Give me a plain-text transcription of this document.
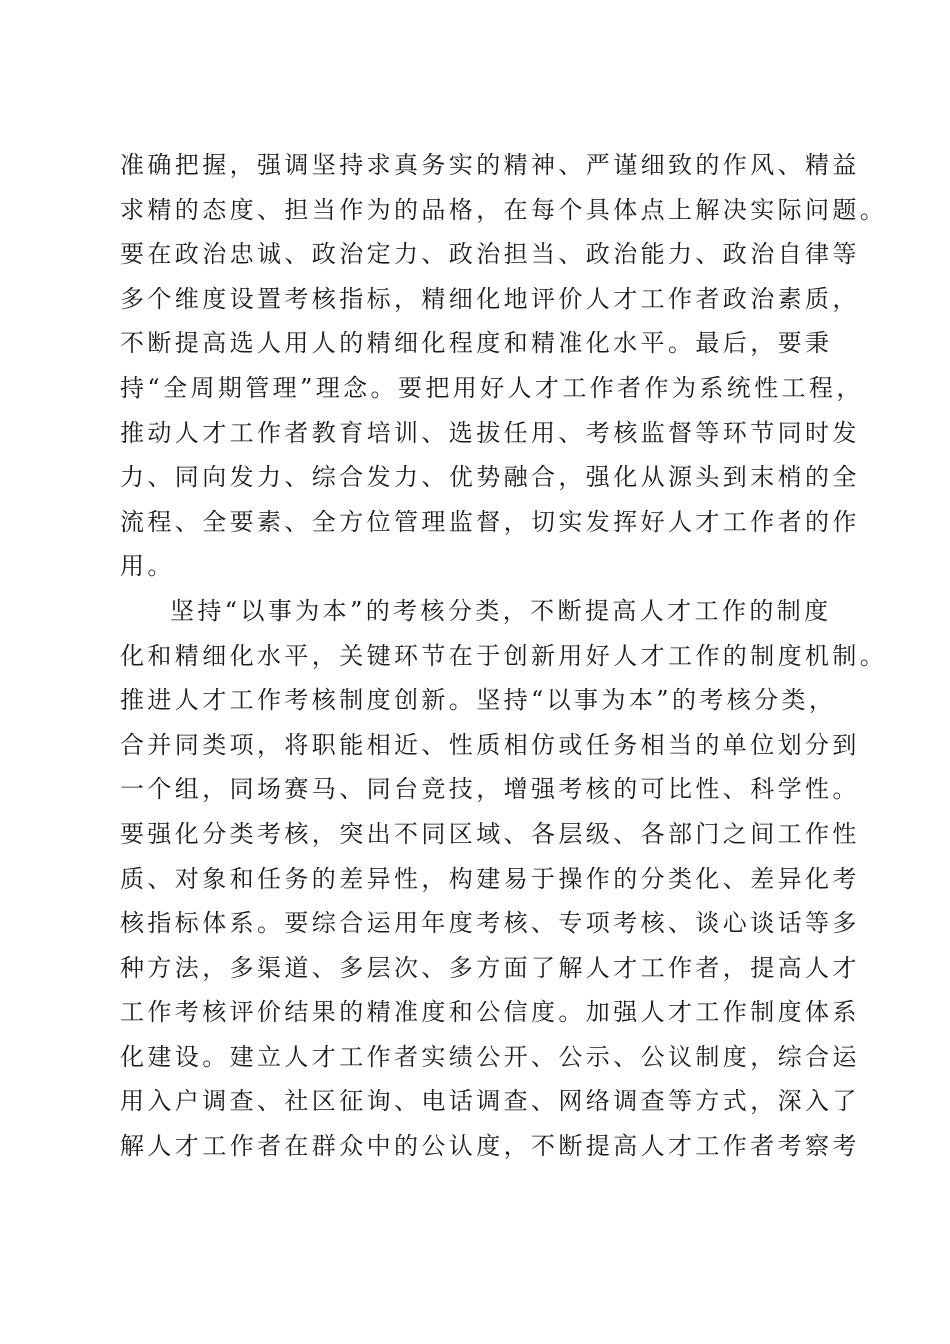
准确把握，强调坚持求真务实的精神、严谨细致的作风、精益
求精的态度、担当作为的品格，在每个具体点上解决实际问题。
要在政治忠诚、政治定力、政治担当、政治能力、政治自律等
多个维度设置考核指标，精细化地评价人才工作者政治素质，
不断提高选人用人的精细化程度和精准化水平。最后，要秉
持“全周期管理”理念。要把用好人才工作者作为系统性工程，
推动人才工作者教育培训、选拔任用、考核监督等环节同时发
力、同向发力、综合发力、优势融合，强化从源头到末梢的全
流程、全要素、全方位管理监督，切实发挥好人才工作者的作
用。
坚持“以事为本”的考核分类，不断提高人才工作的制度
化和精细化水平，关键环节在于创新用好人才工作的制度机制。
推进人才工作考核制度创新。坚持“以事为本”的考核分类，
合并同类项，将职能相近、性质相仿或任务相当的单位划分到
一个组，同场赛马、同台竞技，增强考核的可比性、科学性。
要强化分类考核，突出不同区域、各层级、各部门之间工作性
质、对象和任务的差异性，构建易于操作的分类化、差异化考
核指标体系。要综合运用年度考核、专项考核、谈心谈话等多
种方法，多渠道、多层次、多方面了解人才工作者，提高人才
工作考核评价结果的精准度和公信度。加强人才工作制度体系
化建设。建立人才工作者实绩公开、公示、公议制度，综合运
用入户调查、社区征询、电话调查、网络调查等方式，深入了
解人才工作者在群众中的公认度，不断提高人才工作者考察考
